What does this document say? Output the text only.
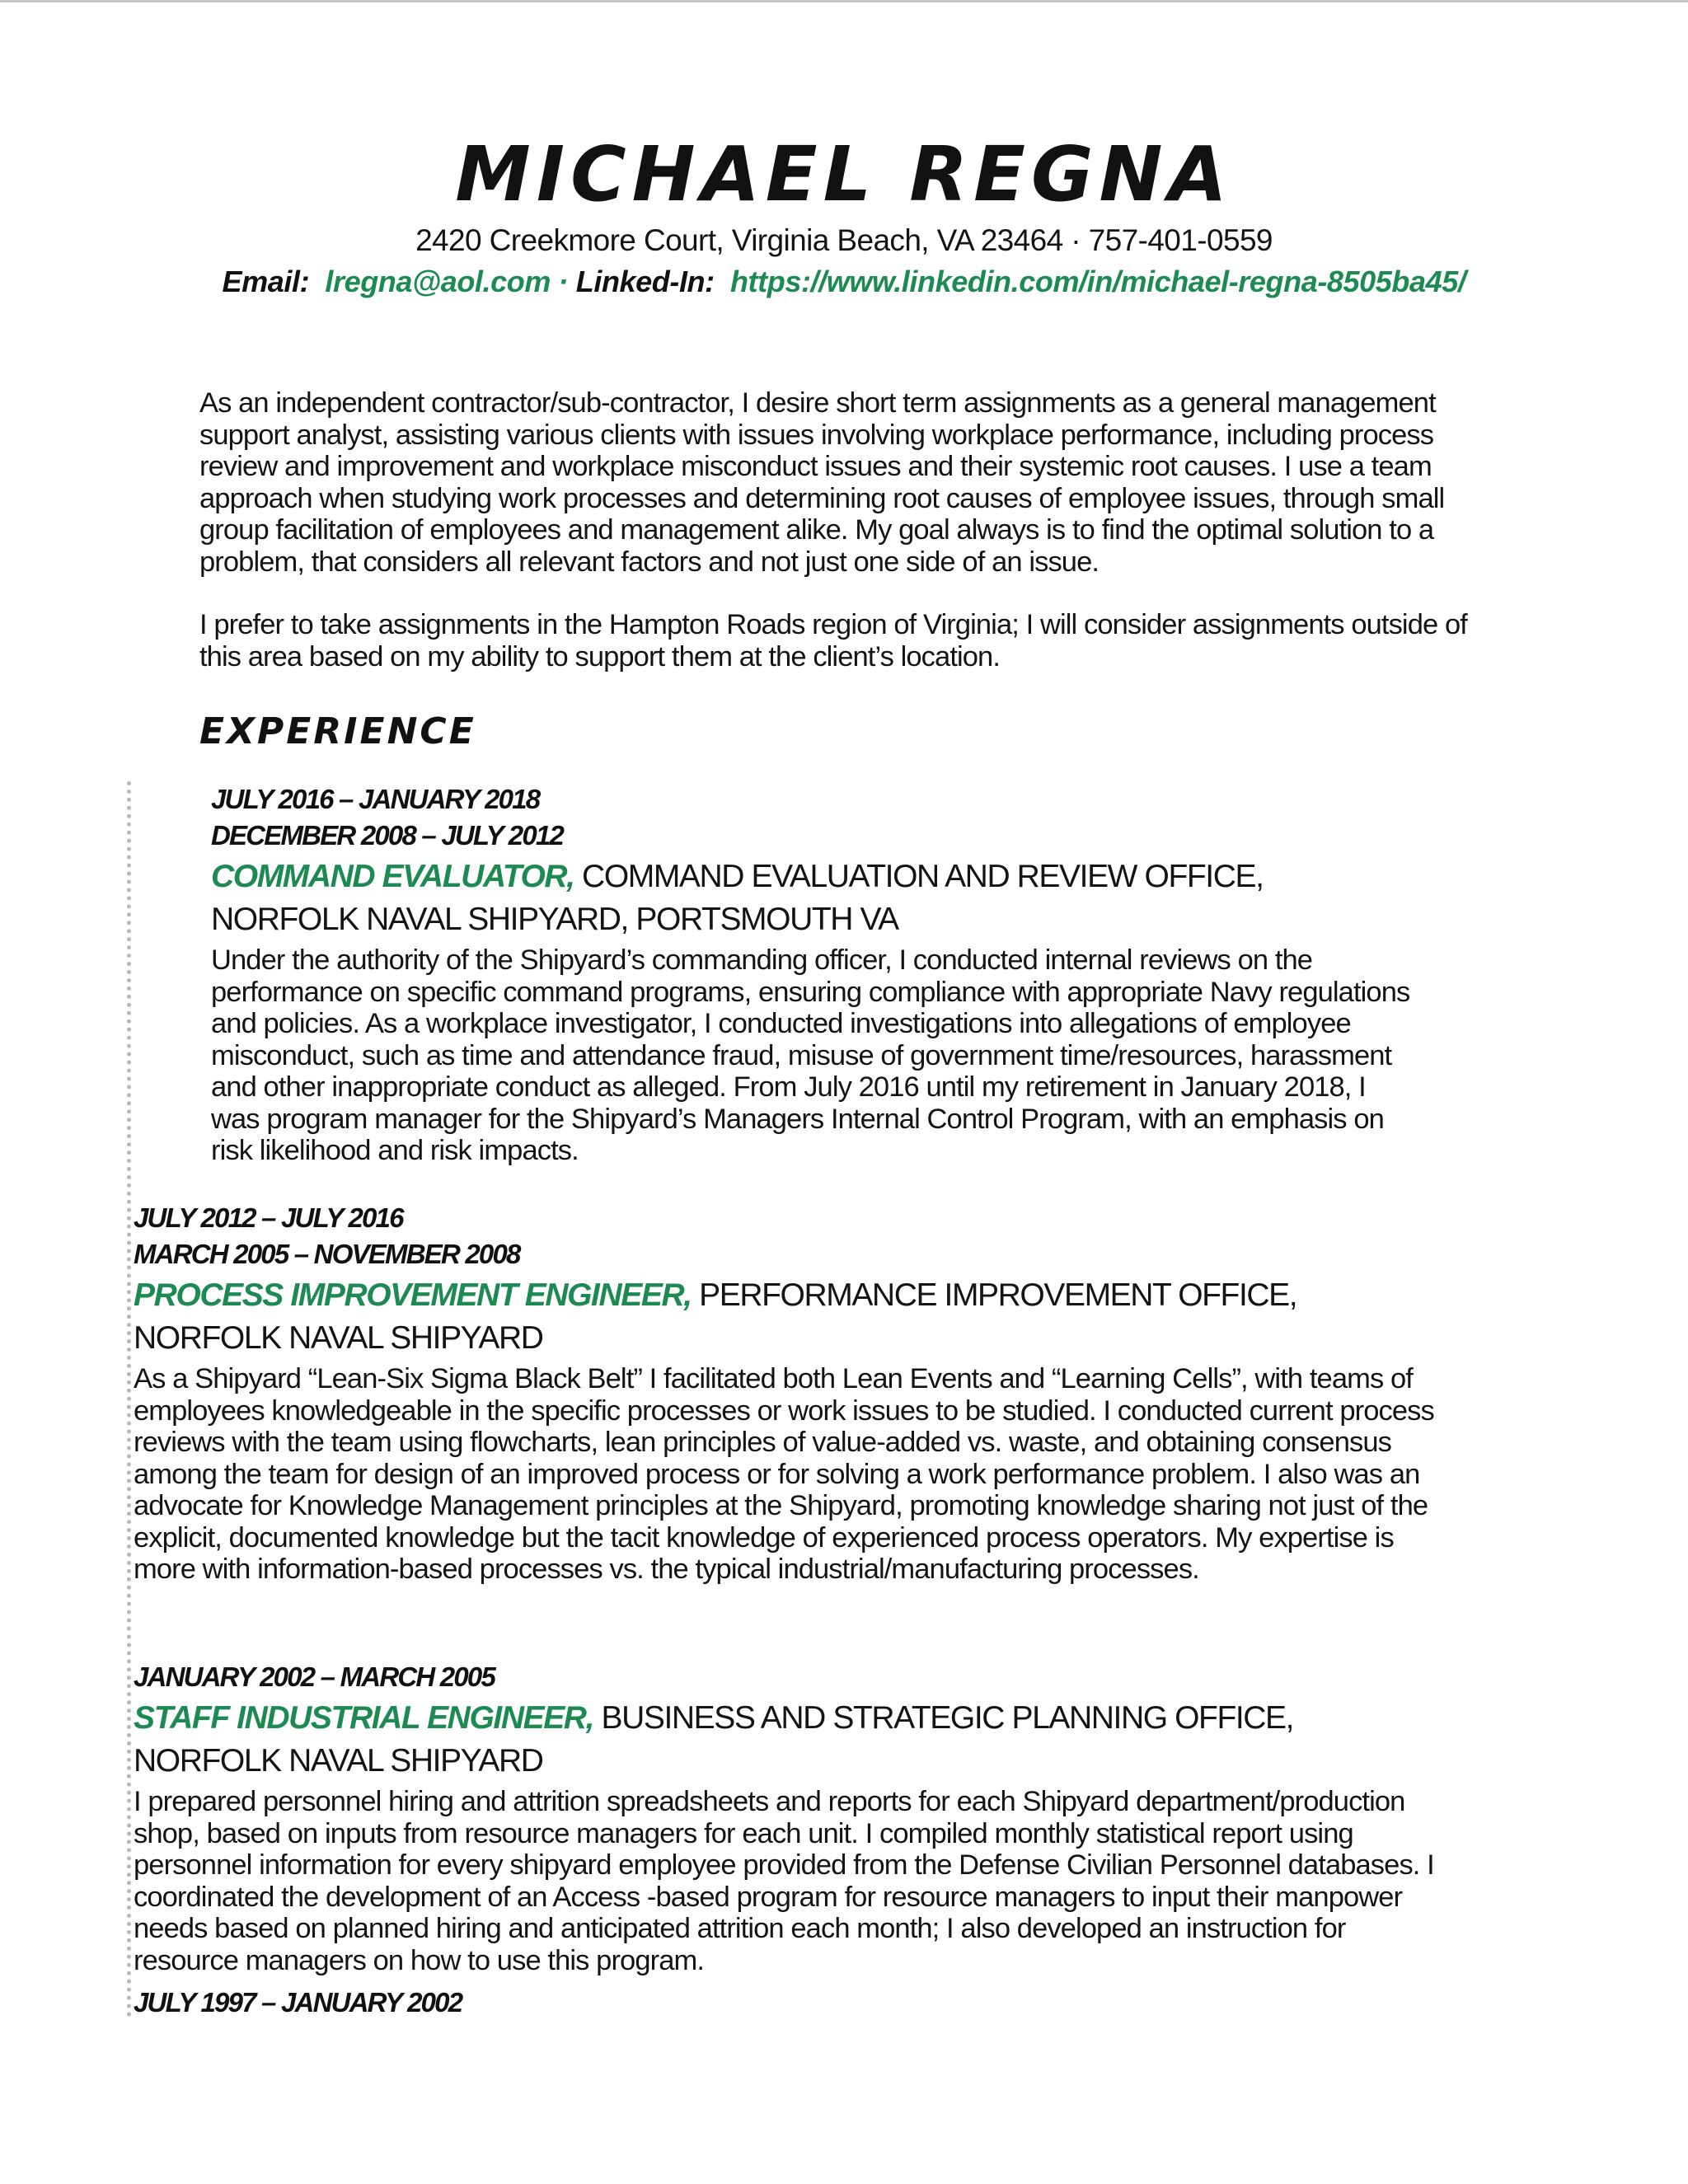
MICHAEL REGNA
2420 Creekmore Court, Virginia Beach, VA 23464 · 757-401-0559
Email: lregna@aol.com · Linked-In: https://www.linkedin.com/in/michael-regna-8505ba45/

As an independent contractor/sub-contractor, I desire short term assignments as a general management support analyst, assisting various clients with issues involving workplace performance, including process review and improvement and workplace misconduct issues and their systemic root causes. I use a team approach when studying work processes and determining root causes of employee issues, through small group facilitation of employees and management alike. My goal always is to find the optimal solution to a problem, that considers all relevant factors and not just one side of an issue.

I prefer to take assignments in the Hampton Roads region of Virginia; I will consider assignments outside of this area based on my ability to support them at the client’s location.

EXPERIENCE
JULY 2016 – JANUARY 2018
DECEMBER 2008 – JULY 2012
COMMAND EVALUATOR, COMMAND EVALUATION AND REVIEW OFFICE, NORFOLK NAVAL SHIPYARD, PORTSMOUTH VA
Under the authority of the Shipyard’s commanding officer, I conducted internal reviews on the performance on specific command programs, ensuring compliance with appropriate Navy regulations and policies. As a workplace investigator, I conducted investigations into allegations of employee misconduct, such as time and attendance fraud, misuse of government time/resources, harassment and other inappropriate conduct as alleged. From July 2016 until my retirement in January 2018, I was program manager for the Shipyard’s Managers Internal Control Program, with an emphasis on risk likelihood and risk impacts.
JULY 2012 – JULY 2016
MARCH 2005 – NOVEMBER 2008
PROCESS IMPROVEMENT ENGINEER, PERFORMANCE IMPROVEMENT OFFICE, NORFOLK NAVAL SHIPYARD
As a Shipyard “Lean-Six Sigma Black Belt” I facilitated both Lean Events and “Learning Cells”, with teams of employees knowledgeable in the specific processes or work issues to be studied. I conducted current process reviews with the team using flowcharts, lean principles of value-added vs. waste, and obtaining consensus among the team for design of an improved process or for solving a work performance problem. I also was an advocate for Knowledge Management principles at the Shipyard, promoting knowledge sharing not just of the explicit, documented knowledge but the tacit knowledge of experienced process operators. My expertise is more with information-based processes vs. the typical industrial/manufacturing processes.
JANUARY 2002 – MARCH 2005
STAFF INDUSTRIAL ENGINEER, BUSINESS AND STRATEGIC PLANNING OFFICE, NORFOLK NAVAL SHIPYARD
I prepared personnel hiring and attrition spreadsheets and reports for each Shipyard department/production shop, based on inputs from resource managers for each unit. I compiled monthly statistical report using personnel information for every shipyard employee provided from the Defense Civilian Personnel databases. I coordinated the development of an Access -based program for resource managers to input their manpower needs based on planned hiring and anticipated attrition each month; I also developed an instruction for resource managers on how to use this program.
JULY 1997 – JANUARY 2002
